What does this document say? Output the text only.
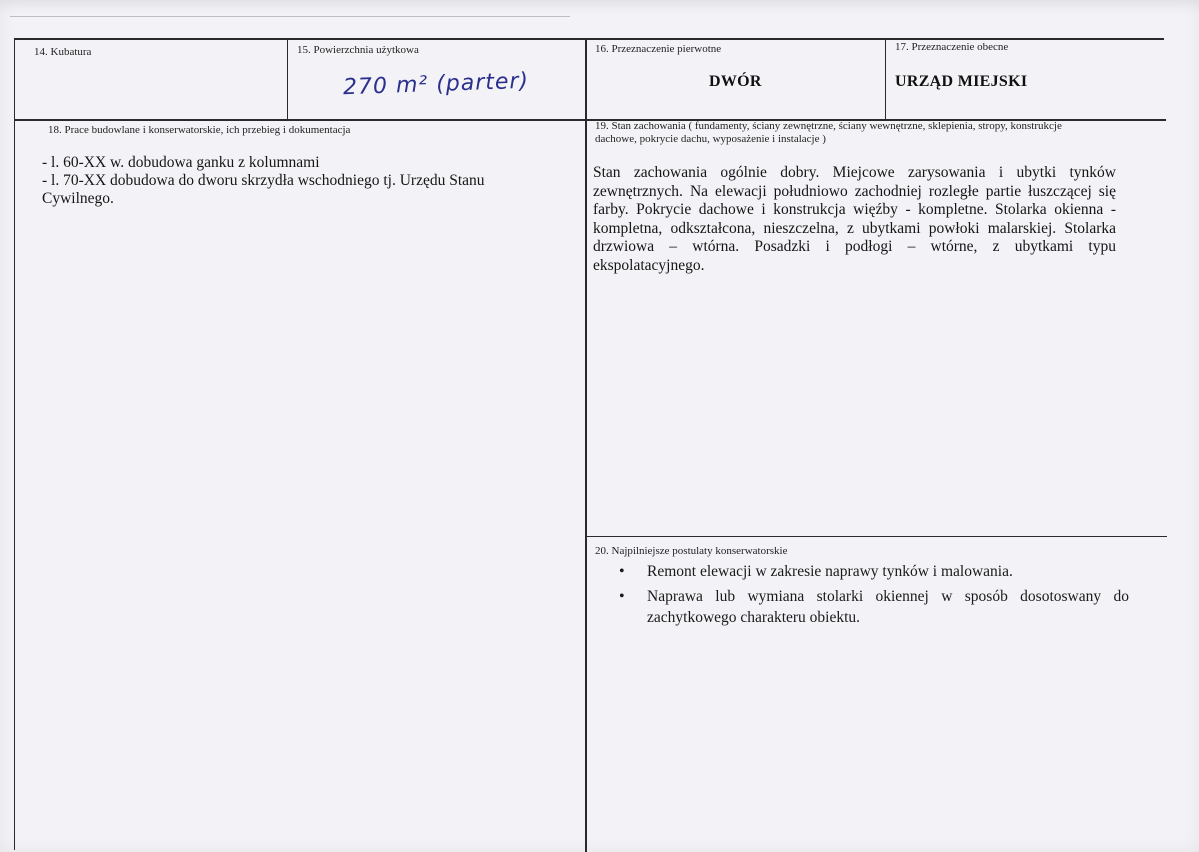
14. Kubatura	15. Powierzchnia użytkowa
270 m² (parter)
16. Przeznaczenie pierwotne
DWÓR
17. Przeznaczenie obecne
URZĄD MIEJSKI
18. Prace budowlane i konserwatorskie, ich przebieg i dokumentacja
- l. 60-XX w. dobudowa ganku z kolumnami
- l. 70-XX dobudowa do dworu skrzydła wschodniego tj. Urzędu Stanu
Cywilnego.
19. Stan zachowania ( fundamenty, ściany zewnętrzne, ściany wewnętrzne, sklepienia, stropy, konstrukcje
dachowe, pokrycie dachu, wyposażenie i instalacje )
Stan zachowania ogólnie dobry. Miejcowe zarysowania i ubytki tynków zewnętrznych. Na elewacji południowo zachodniej rozległe partie łuszczącej się farby. Pokrycie dachowe i konstrukcja więźby - kompletne. Stolarka okienna - kompletna, odkształcona, nieszczelna, z ubytkami powłoki malarskiej. Stolarka drzwiowa – wtórna. Posadzki i podłogi – wtórne, z ubytkami typu ekspolatacyjnego.
20. Najpilniejsze postulaty konserwatorskie
• Remont elewacji w zakresie naprawy tynków i malowania.
• Naprawa lub wymiana stolarki okiennej w sposób dosotoswany do zachytkowego charakteru obiektu.
